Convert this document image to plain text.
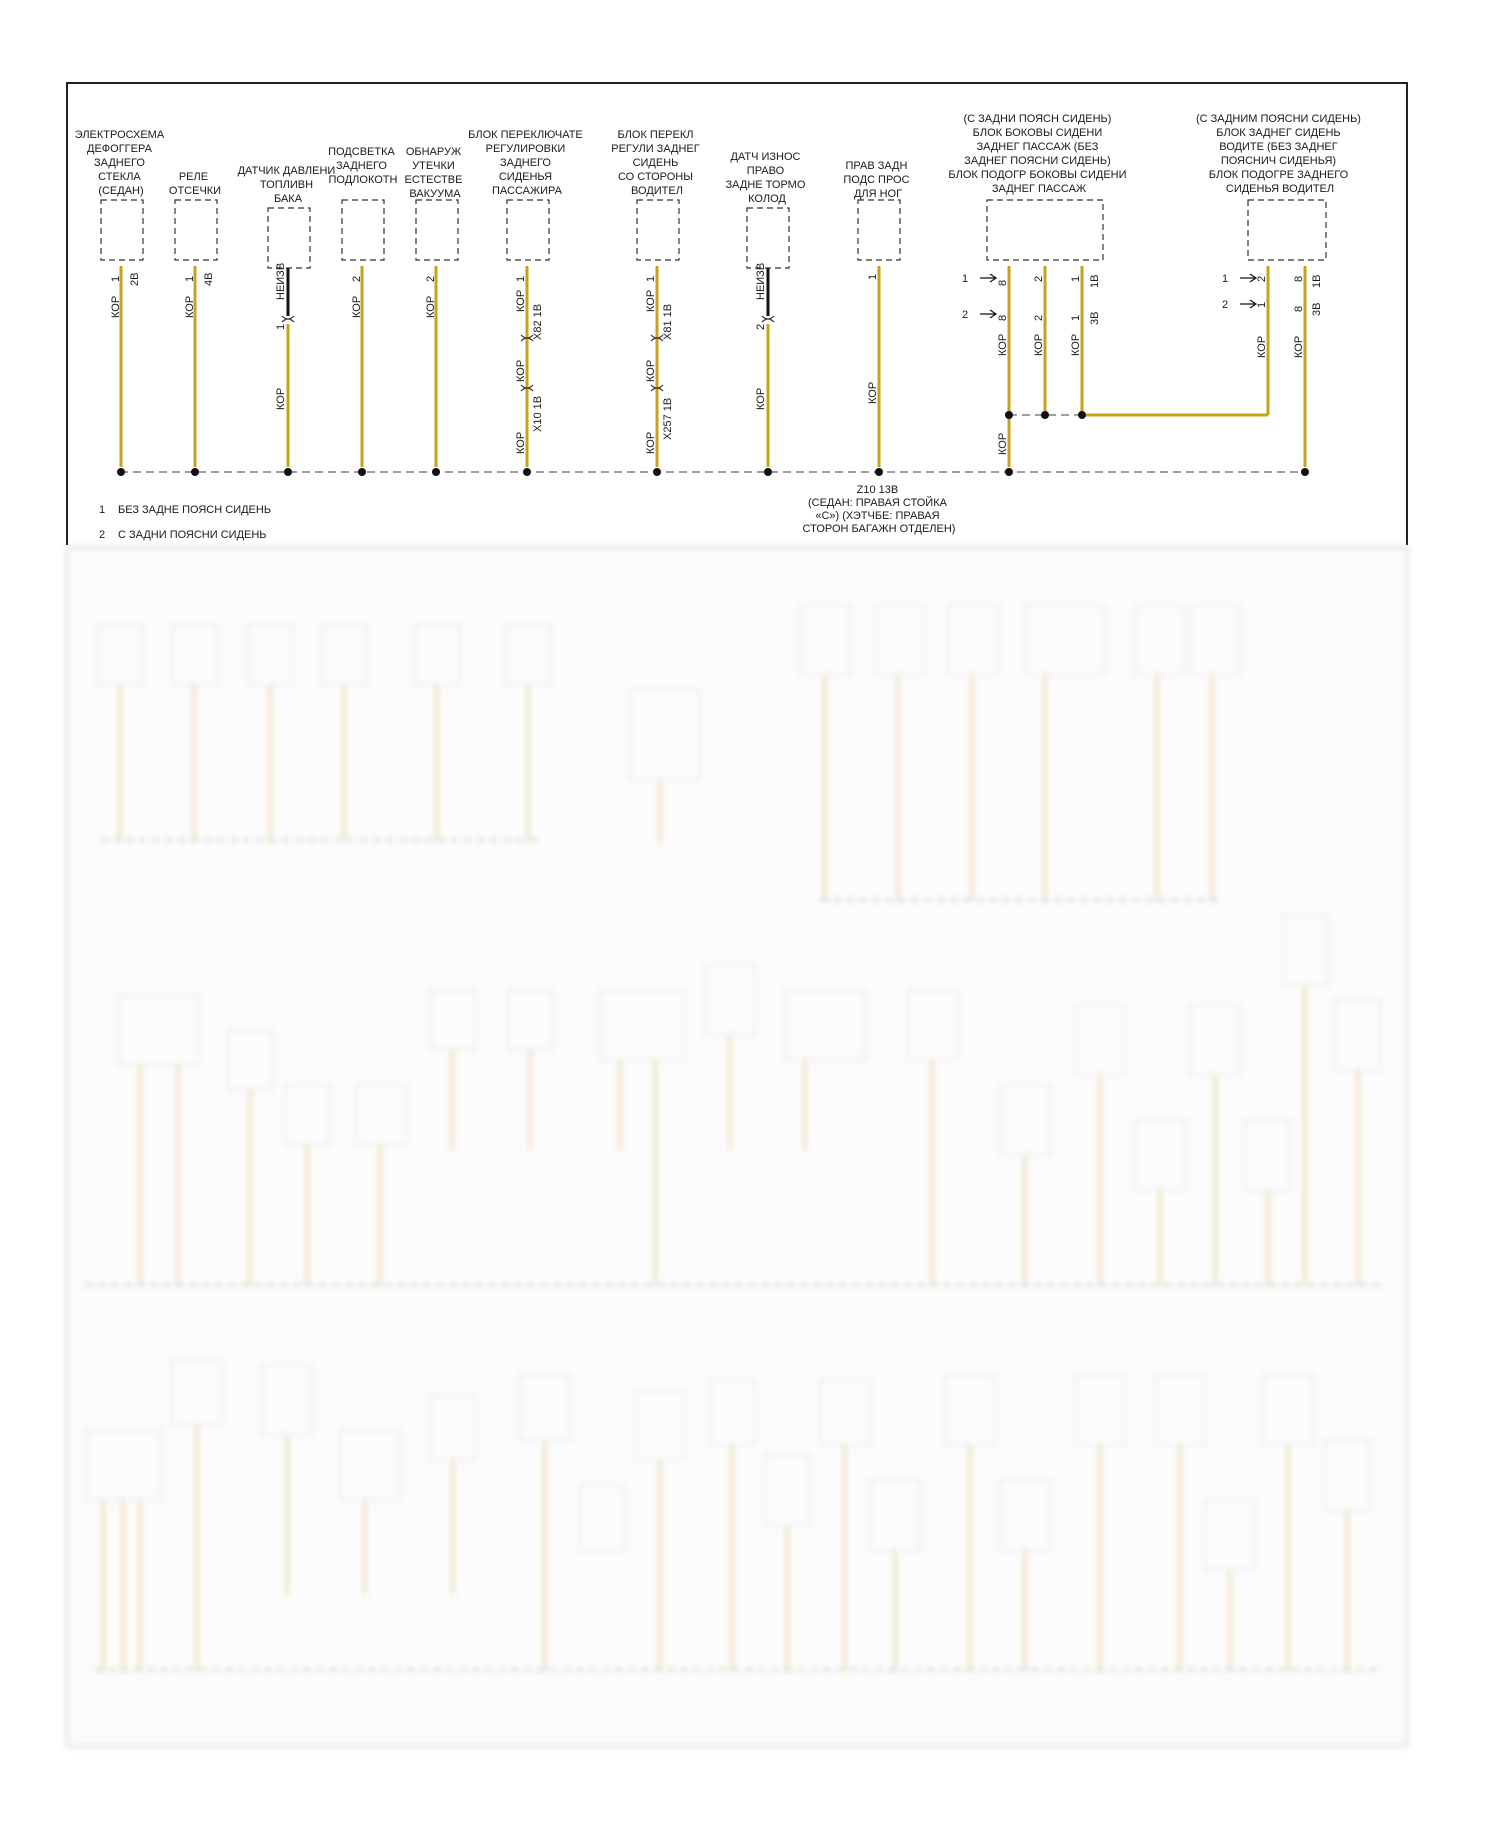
ЭЛЕКТРОСХЕМА ДЕФОГГЕРА ЗАДНЕГО СТЕКЛА (СЕДАН)
1 2B
КОР
РЕЛЕ ОТСЕЧКИ
1 4B
КОР
ДАТЧИК ДАВЛЕНИ ТОПЛИВН БАКА
НЕИЗВ
1
КОР
ПОДСВЕТКА ЗАДНЕГО ПОДЛОКОТН
2
КОР
ОБНАРУЖ УТЕЧКИ ЕСТЕСТВЕ ВАКУУМА
2
КОР
БЛОК ПЕРЕКЛЮЧАТЕ РЕГУЛИРОВКИ ЗАДНЕГО СИДЕНЬЯ ПАССАЖИРА
1
КОР
X82 1B
КОР
X10 1B
КОР
БЛОК ПЕРЕКЛ РЕГУЛИ ЗАДНЕГ СИДЕНЬ СО СТОРОНЫ ВОДИТЕЛ
1
КОР
X81 1B
КОР
X257 1B
КОР
ДАТЧ ИЗНОС ПРАВО ЗАДНЕ ТОРМО КОЛОД
НЕИЗВ
2
КОР
ПРАВ ЗАДН ПОДС ПРОС ДЛЯ НОГ
1
КОР
(С ЗАДНИ ПОЯСН СИДЕНЬ) БЛОК БОКОВЫ СИДЕНИ ЗАДНЕГ ПАССАЖ (БЕЗ ЗАДНЕГ ПОЯСНИ СИДЕНЬ) БЛОК ПОДОГР БОКОВЫ СИДЕНИ ЗАДНЕГ ПАССАЖ
1
2
8
8
2
2
1
1
1B
3B
КОР КОР КОР
КОР
(С ЗАДНИМ ПОЯСНИ СИДЕНЬ) БЛОК ЗАДНЕГ СИДЕНЬ ВОДИТЕ (БЕЗ ЗАДНЕГ ПОЯСНИЧ СИДЕНЬЯ) БЛОК ПОДОГРЕ ЗАДНЕГО СИДЕНЬЯ ВОДИТЕЛ
1
2
2
1
8
8
1B
3B
КОР КОР
Z10 13B (СЕДАН: ПРАВАЯ СТОЙКА «С») (ХЭТЧБЕ: ПРАВАЯ СТОРОН БАГАЖН ОТДЕЛЕН)
1 БЕЗ ЗАДНЕ ПОЯСН СИДЕНЬ
2 С ЗАДНИ ПОЯСНИ СИДЕНЬ
